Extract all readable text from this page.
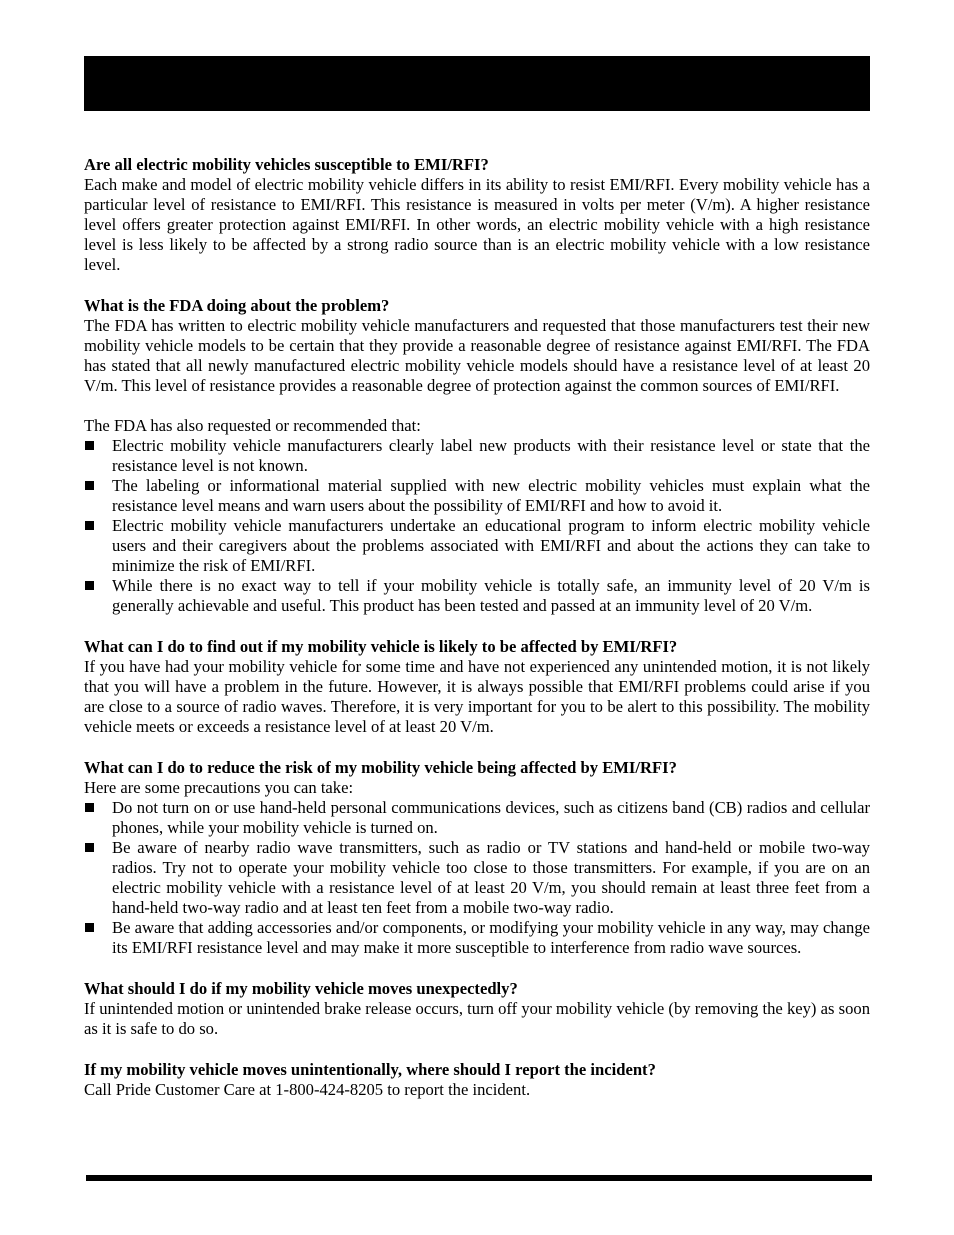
Are all electric mobility vehicles susceptible to EMI/RFI?
Each make and model of electric mobility vehicle differs in its ability to resist EMI/RFI. Every mobility vehicle has a particular level of resistance to EMI/RFI. This resistance is measured in volts per meter (V/m). A higher resistance level offers greater protection against EMI/RFI. In other words, an electric mobility vehicle with a high resistance level is less likely to be affected by a strong radio source than is an electric mobility vehicle with a low resistance level.
What is the FDA doing about the problem?
The FDA has written to electric mobility vehicle manufacturers and requested that those manufacturers test their new mobility vehicle models to be certain that they provide a reasonable degree of resistance against EMI/RFI. The FDA has stated that all newly manufactured electric mobility vehicle models should have a resistance level of at least 20 V/m. This level of resistance provides a reasonable degree of protection against the common sources of EMI/RFI.
The FDA has also requested or recommended that:
Electric mobility vehicle manufacturers clearly label new products with their resistance level or state that the resistance level is not known.
The labeling or informational material supplied with new electric mobility vehicles must explain what the resistance level means and warn users about the possibility of EMI/RFI and how to avoid it.
Electric mobility vehicle manufacturers undertake an educational program to inform electric mobility vehicle users and their caregivers about the problems associated with EMI/RFI and about the actions they can take to minimize the risk of EMI/RFI.
While there is no exact way to tell if your mobility vehicle is totally safe, an immunity level of 20 V/m is generally achievable and useful. This product has been tested and passed at an immunity level of 20 V/m.
What can I do to find out if my mobility vehicle is likely to be affected by EMI/RFI?
If you have had your mobility vehicle for some time and have not experienced any unintended motion, it is not likely that you will have a problem in the future. However, it is always possible that EMI/RFI problems could arise if you are close to a source of radio waves. Therefore, it is very important for you to be alert to this possibility. The mobility vehicle meets or exceeds a resistance level of at least 20 V/m.
What can I do to reduce the risk of my mobility vehicle being affected by EMI/RFI?
Here are some precautions you can take:
Do not turn on or use hand-held personal communications devices, such as citizens band (CB) radios and cellular phones, while your mobility vehicle is turned on.
Be aware of nearby radio wave transmitters, such as radio or TV stations and hand-held or mobile two-way radios. Try not to operate your mobility vehicle too close to those transmitters. For example, if you are on an electric mobility vehicle with a resistance level of at least 20 V/m, you should remain at least three feet from a hand-held two-way radio and at least ten feet from a mobile two-way radio.
Be aware that adding accessories and/or components, or modifying your mobility vehicle in any way, may change its EMI/RFI resistance level and may make it more susceptible to interference from radio wave sources.
What should I do if my mobility vehicle moves unexpectedly?
If unintended motion or unintended brake release occurs, turn off your mobility vehicle (by removing the key) as soon as it is safe to do so.
If my mobility vehicle moves unintentionally, where should I report the incident?
Call Pride Customer Care at 1-800-424-8205 to report the incident.
